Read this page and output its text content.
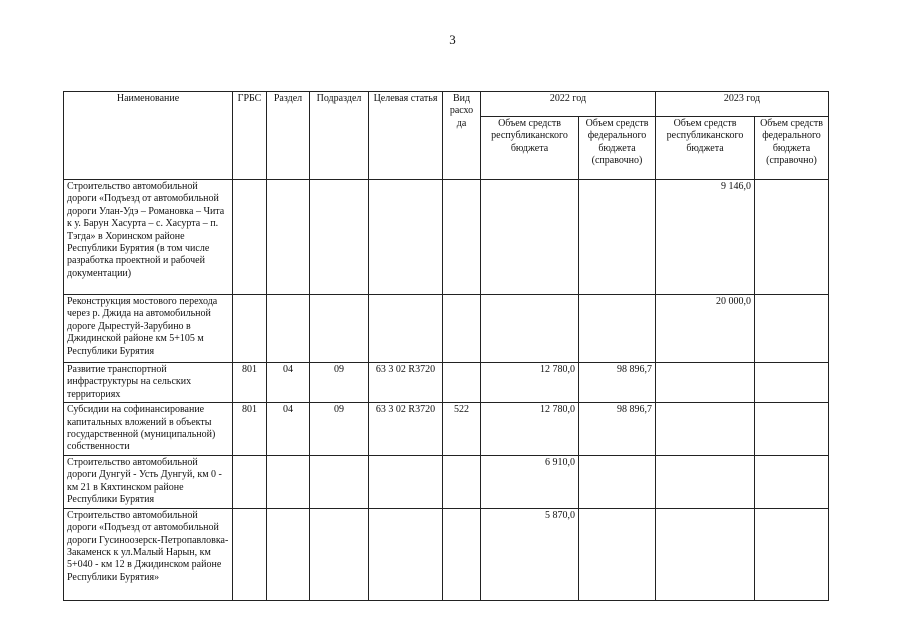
3
Наименование	ГРБС	Раздел	Подраздел	Целевая статья	Вид расхо да	2022 год		2023 год	
						Объем средств республиканского бюджета	Объем средств федерального бюджета (справочно)	Объем средств республиканского бюджета	Объем средств федерального бюджета (справочно)
Строительство автомобильной дороги «Подъезд от автомобильной дороги Улан-Удэ – Романовка – Чита к у. Барун Хасурта – с. Хасурта – п. Тэгда» в Хоринском районе Республики Бурятия (в том числе разработка проектной и рабочей документации)								9 146,0	
Реконструкция мостового перехода через р. Джида на автомобильной дороге Дырестуй-Зарубино в Джидинской районе км 5+105 м Республики Бурятия								20 000,0	
Развитие транспортной инфраструктуры на сельских территориях	801	04	09	63 3 02 R3720		12 780,0	98 896,7		
Субсидии на софинансирование капитальных вложений в объекты государственной (муниципальной) собственности	801	04	09	63 3 02 R3720	522	12 780,0	98 896,7		
Строительство автомобильной дороги Дунгуй - Усть Дунгуй, км 0 - км 21 в Кяхтинском районе Республики Бурятия						6 910,0			
Строительство автомобильной дороги «Подъезд от автомобильной дороги Гусиноозерск-Петропавловка-Закаменск к ул.Малый Нарын, км 5+040 - км 12 в Джидинском районе Республики Бурятия»						5 870,0			
